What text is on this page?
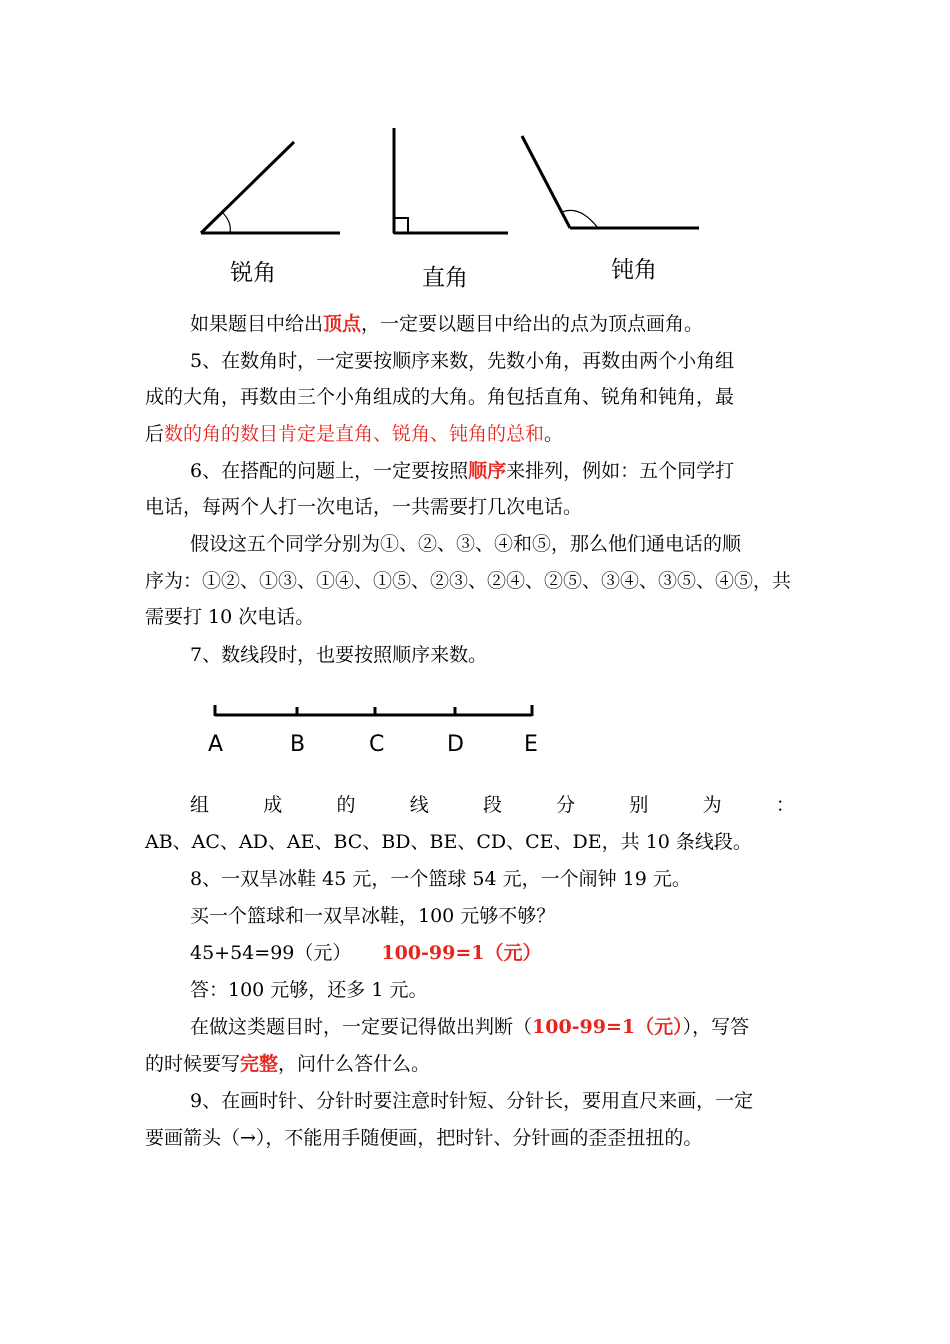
锐角	直角	钝角
如果题目中给出顶点，一定要以题目中给出的点为顶点画角。
5、在数角时，一定要按顺序来数，先数小角，再数由两个小角组
成的大角，再数由三个小角组成的大角。角包括直角、锐角和钝角，最
后数的角的数目肯定是直角、锐角、钝角的总和。
6、在搭配的问题上，一定要按照顺序来排列，例如：五个同学打
电话，每两个人打一次电话，一共需要打几次电话。
假设这五个同学分别为①、②、③、④和⑤，那么他们通电话的顺
序为：①②、①③、①④、①⑤、②③、②④、②⑤、③④、③⑤、④⑤，共
需要打 10 次电话。
7、数线段时，也要按照顺序来数。
A	B	C	D	E
组	成	的	线	段	分	别	为	：
AB、AC、AD、AE、BC、BD、BE、CD、CE、DE，共 10 条线段。
8、一双旱冰鞋 45 元，一个篮球 54 元，一个闹钟 19 元。
买一个篮球和一双旱冰鞋，100 元够不够？
45+54=99（元） 100-99=1（元）
答：100 元够，还多 1 元。
在做这类题目时，一定要记得做出判断（100-99=1（元）），写答
的时候要写完整，问什么答什么。
9、在画时针、分针时要注意时针短、分针长，要用直尺来画，一定
要画箭头（→），不能用手随便画，把时针、分针画的歪歪扭扭的。
